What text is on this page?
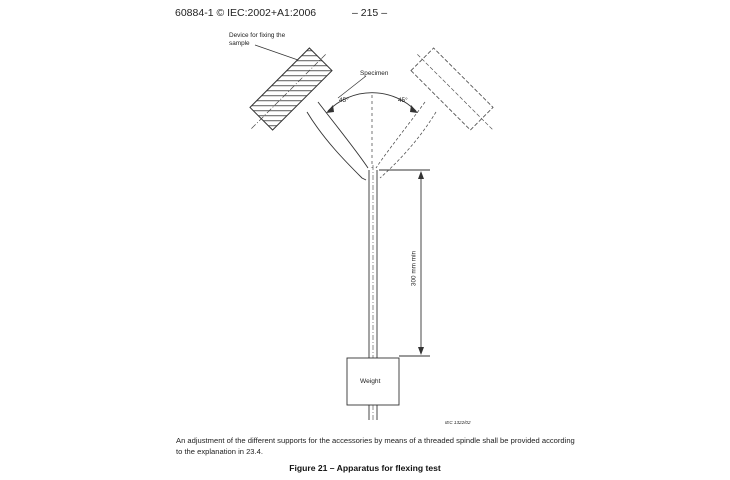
60884-1 © IEC:2002+A1:2006	– 215 –
Device for fixing the
sample
Specimen
45°	45°
300 mm min
Weight
IEC 1322/02
An adjustment of the different supports for the accessories by means of a threaded spindle shall be provided according to the explanation in 23.4.
Figure 21 – Apparatus for flexing test
